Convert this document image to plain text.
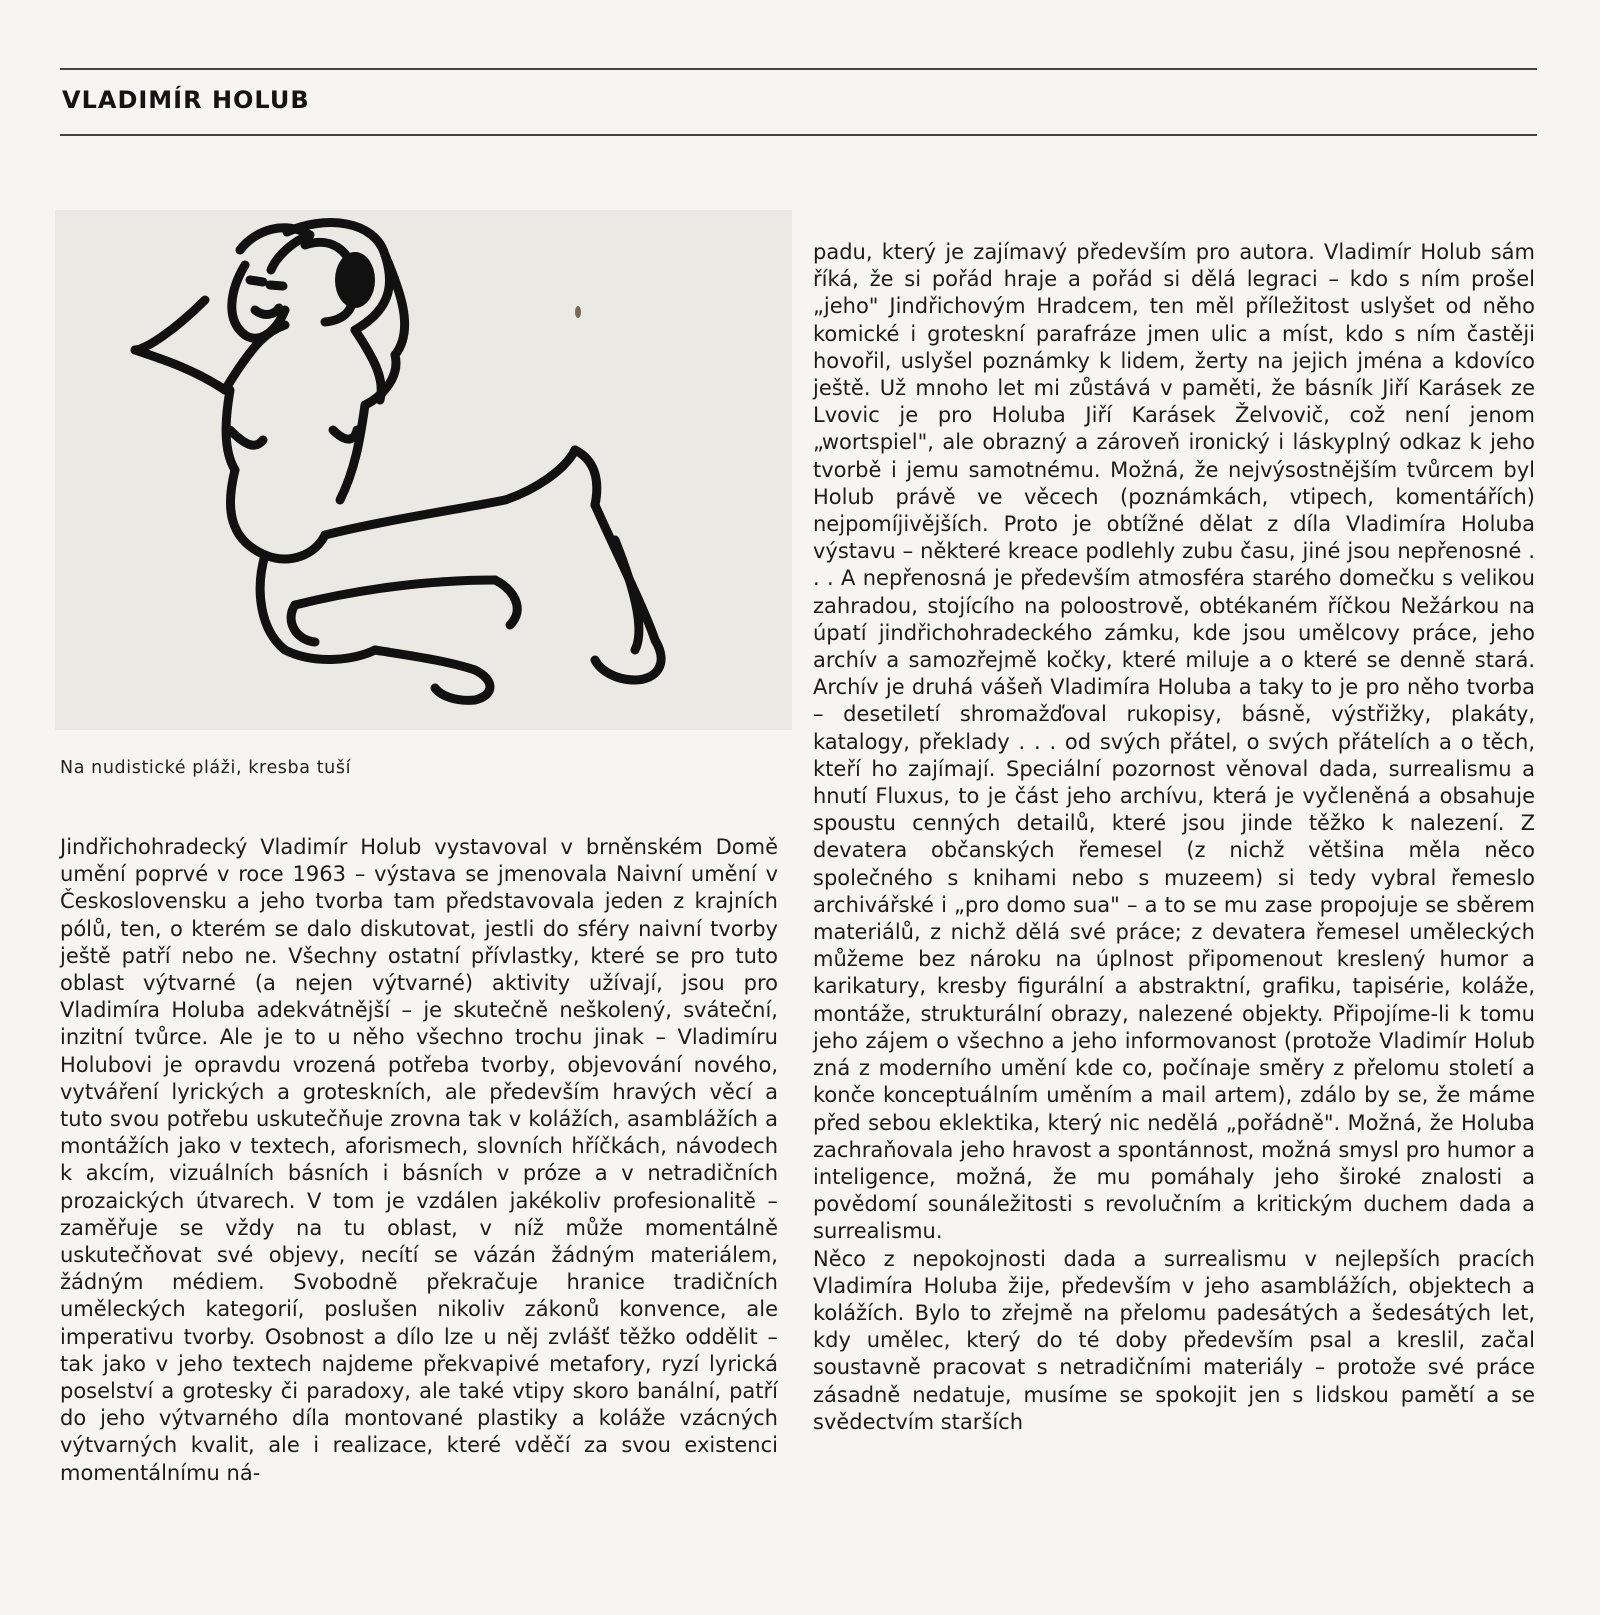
VLADIMÍR HOLUB
Na nudistické pláži, kresba tuší

Jindřichohradecký Vladimír Holub vystavoval v brněnském Domě umění poprvé v roce 1963 – výstava se jmenovala Naivní umění v Československu a jeho tvorba tam představovala jeden z krajních pólů, ten, o kterém se dalo diskutovat, jestli do sféry naivní tvorby ještě patří nebo ne. Všechny ostatní přívlastky, které se pro tuto oblast výtvarné (a nejen výtvarné) aktivity užívají, jsou pro Vladimíra Holuba adekvátnější – je skutečně neškolený, sváteční, inzitní tvůrce. Ale je to u něho všechno trochu jinak – Vladimíru Holubovi je opravdu vrozená potřeba tvorby, objevování nového, vytváření lyrických a groteskních, ale především hravých věcí a tuto svou potřebu uskutečňuje zrovna tak v kolážích, asamblážích a montážích jako v textech, aforismech, slovních hříčkách, návodech k akcím, vizuálních básních i básních v próze a v netradičních prozaických útvarech. V tom je vzdálen jakékoliv profesionalitě – zaměřuje se vždy na tu oblast, v níž může momentálně uskutečňovat své objevy, necítí se vázán žádným materiálem, žádným médiem. Svobodně překračuje hranice tradičních uměleckých kategorií, poslušen nikoliv zákonů konvence, ale imperativu tvorby. Osobnost a dílo lze u něj zvlášť těžko oddělit – tak jako v jeho textech najdeme překvapivé metafory, ryzí lyrická poselství a grotesky či paradoxy, ale také vtipy skoro banální, patří do jeho výtvarného díla montované plastiky a koláže vzácných výtvarných kvalit, ale i realizace, které vděčí za svou existenci momentálnímu ná-

padu, který je zajímavý především pro autora. Vladimír Holub sám říká, že si pořád hraje a pořád si dělá legraci – kdo s ním prošel „jeho" Jindřichovým Hradcem, ten měl příležitost uslyšet od něho komické i groteskní parafráze jmen ulic a míst, kdo s ním častěji hovořil, uslyšel poznámky k lidem, žerty na jejich jména a kdovíco ještě. Už mnoho let mi zůstává v paměti, že básník Jiří Karásek ze Lvovic je pro Holuba Jiří Karásek Želvovič, což není jenom „wortspiel", ale obrazný a zároveň ironický i láskyplný odkaz k jeho tvorbě i jemu samotnému. Možná, že nejvýsostnějším tvůrcem byl Holub právě ve věcech (poznámkách, vtipech, komentářích) nejpomíjivějších. Proto je obtížné dělat z díla Vladimíra Holuba výstavu – některé kreace podlehly zubu času, jiné jsou nepřenosné . . . A nepřenosná je především atmosféra starého domečku s velikou zahradou, stojícího na poloostrově, obtékaném říčkou Nežárkou na úpatí jindřichohradeckého zámku, kde jsou umělcovy práce, jeho archív a samozřejmě kočky, které miluje a o které se denně stará. Archív je druhá vášeň Vladimíra Holuba a taky to je pro něho tvorba – desetiletí shromažďoval rukopisy, básně, výstřižky, plakáty, katalogy, překlady . . . od svých přátel, o svých přátelích a o těch, kteří ho zajímají. Speciální pozornost věnoval dada, surrealismu a hnutí Fluxus, to je část jeho archívu, která je vyčleněná a obsahuje spoustu cenných detailů, které jsou jinde těžko k nalezení. Z devatera občanských řemesel (z nichž většina měla něco společného s knihami nebo s muzeem) si tedy vybral řemeslo archivářské i „pro domo sua" – a to se mu zase propojuje se sběrem materiálů, z nichž dělá své práce; z devatera řemesel uměleckých můžeme bez nároku na úplnost připomenout kreslený humor a karikatury, kresby figurální a abstraktní, grafiku, tapisérie, koláže, montáže, strukturální obrazy, nalezené objekty. Připojíme-li k tomu jeho zájem o všechno a jeho informovanost (protože Vladimír Holub zná z moderního umění kde co, počínaje směry z přelomu století a konče konceptuálním uměním a mail artem), zdálo by se, že máme před sebou eklektika, který nic nedělá „pořádně". Možná, že Holuba zachraňovala jeho hravost a spontánnost, možná smysl pro humor a inteligence, možná, že mu pomáhaly jeho široké znalosti a povědomí sounáležitosti s revolučním a kritickým duchem dada a surrealismu.

Něco z nepokojnosti dada a surrealismu v nejlepších pracích Vladimíra Holuba žije, především v jeho asamblážích, objektech a kolážích. Bylo to zřejmě na přelomu padesátých a šedesátých let, kdy umělec, který do té doby především psal a kreslil, začal soustavně pracovat s netradičními materiály – protože své práce zásadně nedatuje, musíme se spokojit jen s lidskou pamětí a se svědectvím starších
